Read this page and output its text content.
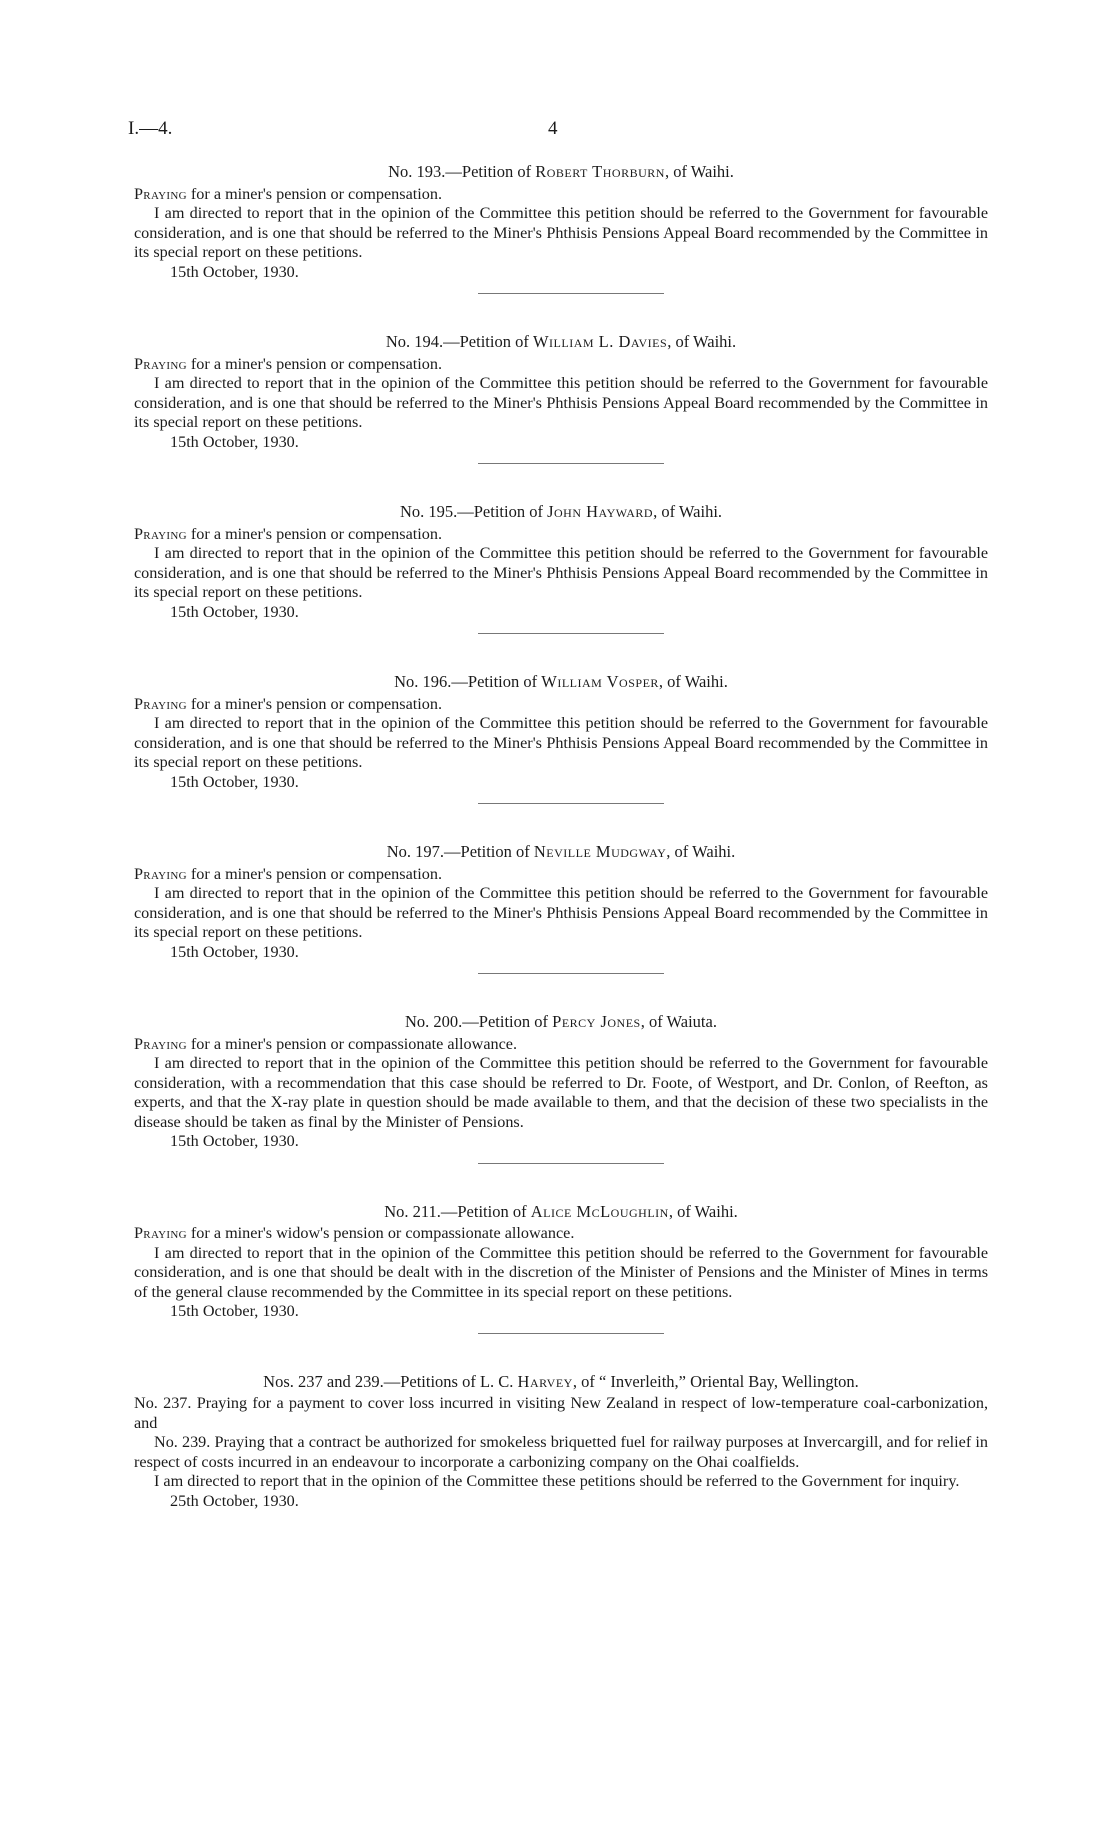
I.—4.	4

No. 193.—Petition of Robert Thorburn, of Waihi.

Praying for a miner's pension or compensation.

I am directed to report that in the opinion of the Committee this petition should be referred to the Government for favourable consideration, and is one that should be referred to the Miner's Phthisis Pensions Appeal Board recommended by the Committee in its special report on these petitions.

15th October, 1930.

No. 194.—Petition of William L. Davies, of Waihi.

Praying for a miner's pension or compensation.

I am directed to report that in the opinion of the Committee this petition should be referred to the Government for favourable consideration, and is one that should be referred to the Miner's Phthisis Pensions Appeal Board recommended by the Committee in its special report on these petitions.

15th October, 1930.

No. 195.—Petition of John Hayward, of Waihi.

Praying for a miner's pension or compensation.

I am directed to report that in the opinion of the Committee this petition should be referred to the Government for favourable consideration, and is one that should be referred to the Miner's Phthisis Pensions Appeal Board recommended by the Committee in its special report on these petitions.

15th October, 1930.

No. 196.—Petition of William Vosper, of Waihi.

Praying for a miner's pension or compensation.

I am directed to report that in the opinion of the Committee this petition should be referred to the Government for favourable consideration, and is one that should be referred to the Miner's Phthisis Pensions Appeal Board recommended by the Committee in its special report on these petitions.

15th October, 1930.

No. 197.—Petition of Neville Mudgway, of Waihi.

Praying for a miner's pension or compensation.

I am directed to report that in the opinion of the Committee this petition should be referred to the Government for favourable consideration, and is one that should be referred to the Miner's Phthisis Pensions Appeal Board recommended by the Committee in its special report on these petitions.

15th October, 1930.

No. 200.—Petition of Percy Jones, of Waiuta.

Praying for a miner's pension or compassionate allowance.

I am directed to report that in the opinion of the Committee this petition should be referred to the Government for favourable consideration, with a recommendation that this case should be referred to Dr. Foote, of Westport, and Dr. Conlon, of Reefton, as experts, and that the X-ray plate in question should be made available to them, and that the decision of these two specialists in the disease should be taken as final by the Minister of Pensions.

15th October, 1930.

No. 211.—Petition of Alice McLoughlin, of Waihi.

Praying for a miner's widow's pension or compassionate allowance.

I am directed to report that in the opinion of the Committee this petition should be referred to the Government for favourable consideration, and is one that should be dealt with in the discretion of the Minister of Pensions and the Minister of Mines in terms of the general clause recommended by the Committee in its special report on these petitions.

15th October, 1930.

Nos. 237 and 239.—Petitions of L. C. Harvey, of “ Inverleith,” Oriental Bay, Wellington.

No. 237. Praying for a payment to cover loss incurred in visiting New Zealand in respect of low-temperature coal-carbonization, and

No. 239. Praying that a contract be authorized for smokeless briquetted fuel for railway purposes at Invercargill, and for relief in respect of costs incurred in an endeavour to incorporate a carbonizing company on the Ohai coalfields.

I am directed to report that in the opinion of the Committee these petitions should be referred to the Government for inquiry.

25th October, 1930.
